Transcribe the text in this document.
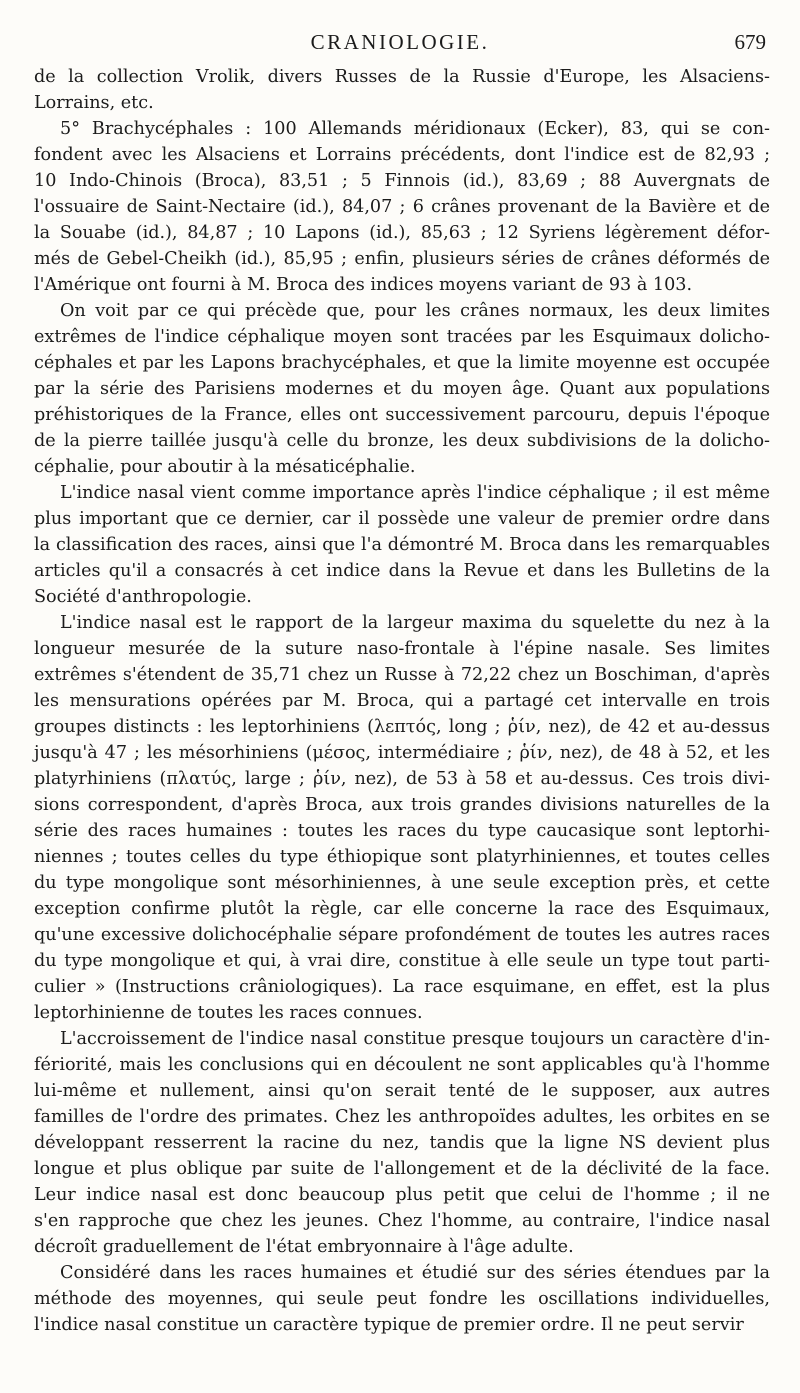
CRANIOLOGIE.	679
de la collection Vrolik, divers Russes de la Russie d'Europe, les Alsaciens-
Lorrains, etc.
5° Brachycéphales : 100 Allemands méridionaux (Ecker), 83, qui se con-
fondent avec les Alsaciens et Lorrains précédents, dont l'indice est de 82,93 ;
10 Indo-Chinois (Broca), 83,51 ; 5 Finnois (id.), 83,69 ; 88 Auvergnats de
l'ossuaire de Saint-Nectaire (id.), 84,07 ; 6 crânes provenant de la Bavière et de
la Souabe (id.), 84,87 ; 10 Lapons (id.), 85,63 ; 12 Syriens légèrement défor-
més de Gebel-Cheikh (id.), 85,95 ; enfin, plusieurs séries de crânes déformés de
l'Amérique ont fourni à M. Broca des indices moyens variant de 93 à 103.
On voit par ce qui précède que, pour les crânes normaux, les deux limites
extrêmes de l'indice céphalique moyen sont tracées par les Esquimaux dolicho-
céphales et par les Lapons brachycéphales, et que la limite moyenne est occupée
par la série des Parisiens modernes et du moyen âge. Quant aux populations
préhistoriques de la France, elles ont successivement parcouru, depuis l'époque
de la pierre taillée jusqu'à celle du bronze, les deux subdivisions de la dolicho-
céphalie, pour aboutir à la mésaticéphalie.
L'indice nasal vient comme importance après l'indice céphalique ; il est même
plus important que ce dernier, car il possède une valeur de premier ordre dans
la classification des races, ainsi que l'a démontré M. Broca dans les remarquables
articles qu'il a consacrés à cet indice dans la Revue et dans les Bulletins de la
Société d'anthropologie.
L'indice nasal est le rapport de la largeur maxima du squelette du nez à la
longueur mesurée de la suture naso-frontale à l'épine nasale. Ses limites
extrêmes s'étendent de 35,71 chez un Russe à 72,22 chez un Boschiman, d'après
les mensurations opérées par M. Broca, qui a partagé cet intervalle en trois
groupes distincts : les leptorhiniens (λεπτός, long ; ῥίν, nez), de 42 et au-dessus
jusqu'à 47 ; les mésorhiniens (μέσος, intermédiaire ; ῥίν, nez), de 48 à 52, et les
platyrhiniens (πλατύς, large ; ῥίν, nez), de 53 à 58 et au-dessus. Ces trois divi-
sions correspondent, d'après Broca, aux trois grandes divisions naturelles de la
série des races humaines : toutes les races du type caucasique sont leptorhi-
niennes ; toutes celles du type éthiopique sont platyrhiniennes, et toutes celles
du type mongolique sont mésorhiniennes, à une seule exception près, et cette
exception confirme plutôt la règle, car elle concerne la race des Esquimaux,
qu'une excessive dolichocéphalie sépare profondément de toutes les autres races
du type mongolique et qui, à vrai dire, constitue à elle seule un type tout parti-
culier » (Instructions crâniologiques). La race esquimane, en effet, est la plus
leptorhinienne de toutes les races connues.
L'accroissement de l'indice nasal constitue presque toujours un caractère d'in-
fériorité, mais les conclusions qui en découlent ne sont applicables qu'à l'homme
lui-même et nullement, ainsi qu'on serait tenté de le supposer, aux autres
familles de l'ordre des primates. Chez les anthropoïdes adultes, les orbites en se
développant resserrent la racine du nez, tandis que la ligne NS devient plus
longue et plus oblique par suite de l'allongement et de la déclivité de la face.
Leur indice nasal est donc beaucoup plus petit que celui de l'homme ; il ne
s'en rapproche que chez les jeunes. Chez l'homme, au contraire, l'indice nasal
décroît graduellement de l'état embryonnaire à l'âge adulte.
Considéré dans les races humaines et étudié sur des séries étendues par la
méthode des moyennes, qui seule peut fondre les oscillations individuelles,
l'indice nasal constitue un caractère typique de premier ordre. Il ne peut servir
